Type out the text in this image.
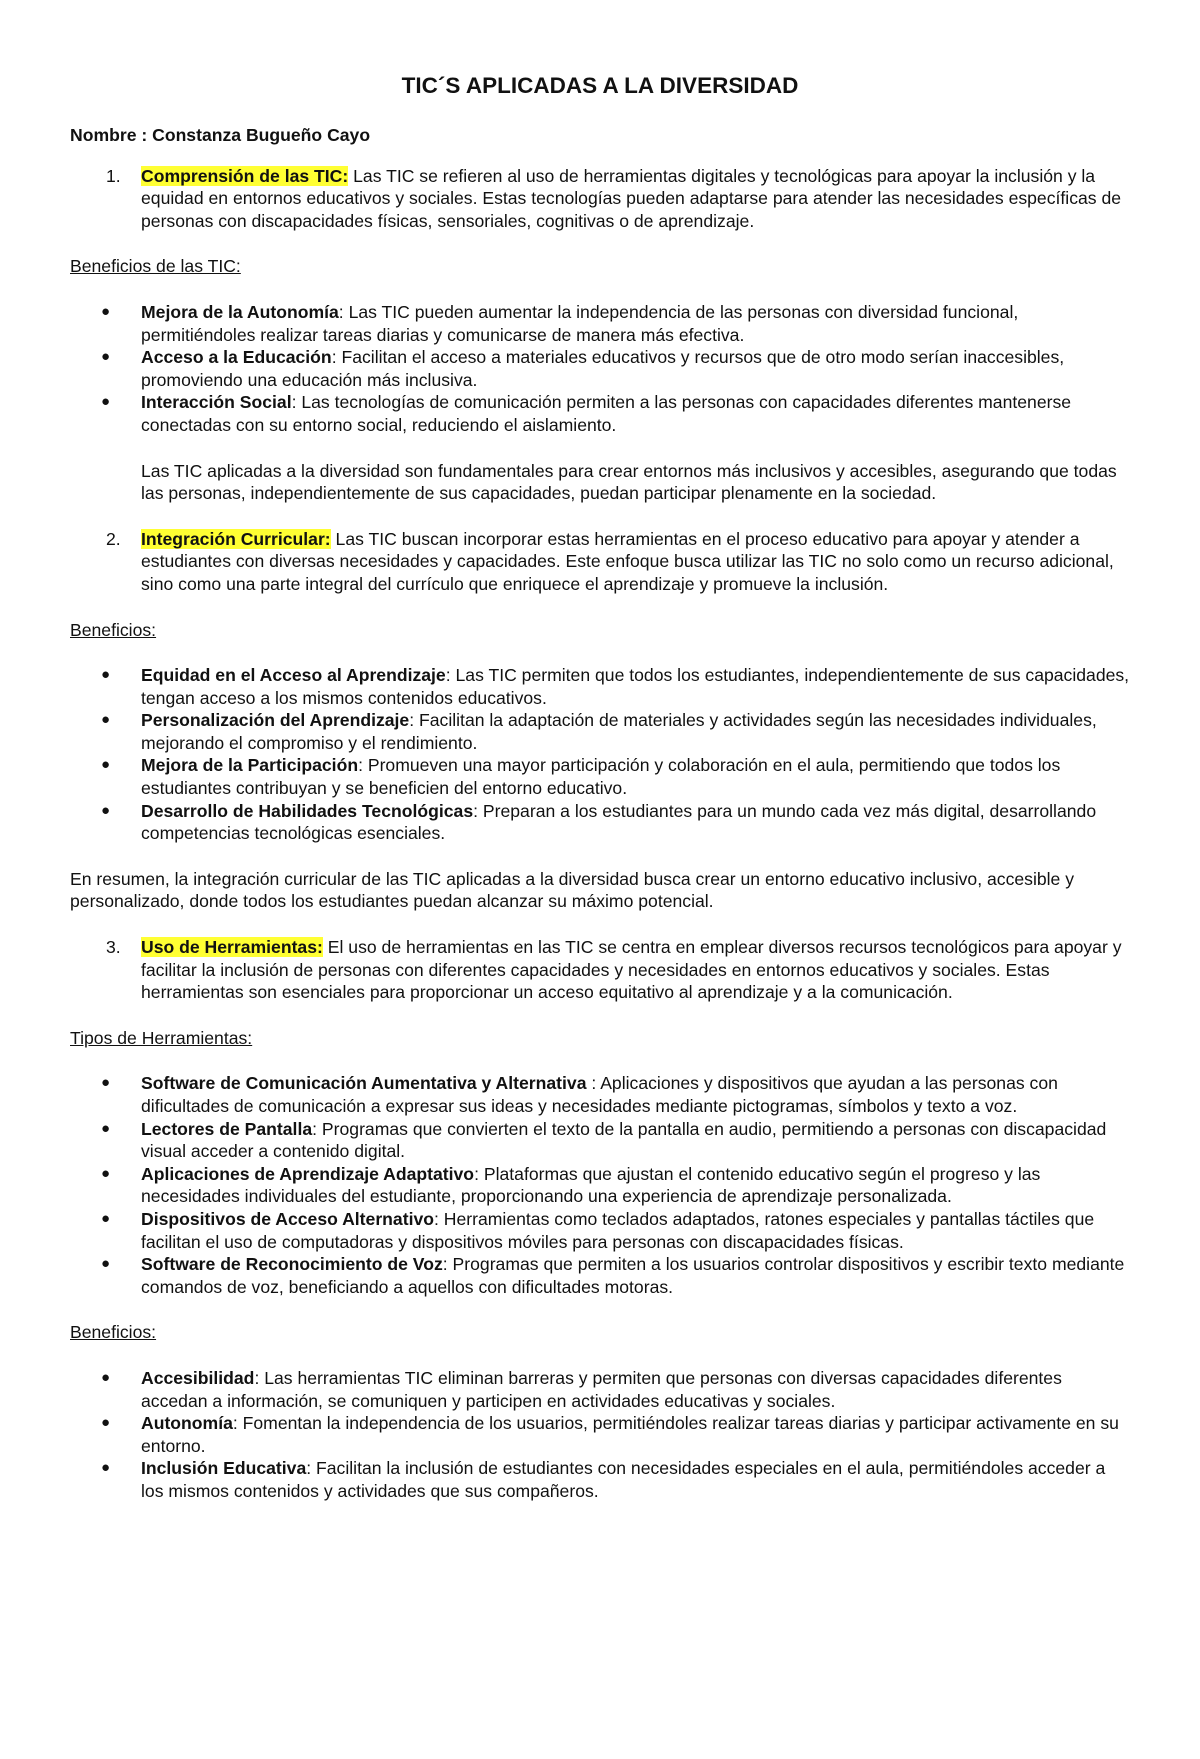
TIC´S APLICADAS A LA DIVERSIDAD
Nombre : Constanza Bugueño Cayo
1. Comprensión de las TIC: Las TIC se refieren al uso de herramientas digitales y tecnológicas para apoyar la inclusión y la equidad en entornos educativos y sociales. Estas tecnologías pueden adaptarse para atender las necesidades específicas de personas con discapacidades físicas, sensoriales, cognitivas o de aprendizaje.
Beneficios de las TIC:
● Mejora de la Autonomía: Las TIC pueden aumentar la independencia de las personas con diversidad funcional, permitiéndoles realizar tareas diarias y comunicarse de manera más efectiva.
● Acceso a la Educación: Facilitan el acceso a materiales educativos y recursos que de otro modo serían inaccesibles, promoviendo una educación más inclusiva.
● Interacción Social: Las tecnologías de comunicación permiten a las personas con capacidades diferentes mantenerse conectadas con su entorno social, reduciendo el aislamiento.
Las TIC aplicadas a la diversidad son fundamentales para crear entornos más inclusivos y accesibles, asegurando que todas las personas, independientemente de sus capacidades, puedan participar plenamente en la sociedad.
2. Integración Curricular: Las TIC buscan incorporar estas herramientas en el proceso educativo para apoyar y atender a estudiantes con diversas necesidades y capacidades. Este enfoque busca utilizar las TIC no solo como un recurso adicional, sino como una parte integral del currículo que enriquece el aprendizaje y promueve la inclusión.
Beneficios:
● Equidad en el Acceso al Aprendizaje: Las TIC permiten que todos los estudiantes, independientemente de sus capacidades, tengan acceso a los mismos contenidos educativos.
● Personalización del Aprendizaje: Facilitan la adaptación de materiales y actividades según las necesidades individuales, mejorando el compromiso y el rendimiento.
● Mejora de la Participación: Promueven una mayor participación y colaboración en el aula, permitiendo que todos los estudiantes contribuyan y se beneficien del entorno educativo.
● Desarrollo de Habilidades Tecnológicas: Preparan a los estudiantes para un mundo cada vez más digital, desarrollando competencias tecnológicas esenciales.
En resumen, la integración curricular de las TIC aplicadas a la diversidad busca crear un entorno educativo inclusivo, accesible y personalizado, donde todos los estudiantes puedan alcanzar su máximo potencial.
3. Uso de Herramientas: El uso de herramientas en las TIC se centra en emplear diversos recursos tecnológicos para apoyar y facilitar la inclusión de personas con diferentes capacidades y necesidades en entornos educativos y sociales. Estas herramientas son esenciales para proporcionar un acceso equitativo al aprendizaje y a la comunicación.
Tipos de Herramientas:
● Software de Comunicación Aumentativa y Alternativa : Aplicaciones y dispositivos que ayudan a las personas con dificultades de comunicación a expresar sus ideas y necesidades mediante pictogramas, símbolos y texto a voz.
● Lectores de Pantalla: Programas que convierten el texto de la pantalla en audio, permitiendo a personas con discapacidad visual acceder a contenido digital.
● Aplicaciones de Aprendizaje Adaptativo: Plataformas que ajustan el contenido educativo según el progreso y las necesidades individuales del estudiante, proporcionando una experiencia de aprendizaje personalizada.
● Dispositivos de Acceso Alternativo: Herramientas como teclados adaptados, ratones especiales y pantallas táctiles que facilitan el uso de computadoras y dispositivos móviles para personas con discapacidades físicas.
● Software de Reconocimiento de Voz: Programas que permiten a los usuarios controlar dispositivos y escribir texto mediante comandos de voz, beneficiando a aquellos con dificultades motoras.
Beneficios:
● Accesibilidad: Las herramientas TIC eliminan barreras y permiten que personas con diversas capacidades diferentes accedan a información, se comuniquen y participen en actividades educativas y sociales.
● Autonomía: Fomentan la independencia de los usuarios, permitiéndoles realizar tareas diarias y participar activamente en su entorno.
● Inclusión Educativa: Facilitan la inclusión de estudiantes con necesidades especiales en el aula, permitiéndoles acceder a los mismos contenidos y actividades que sus compañeros.
